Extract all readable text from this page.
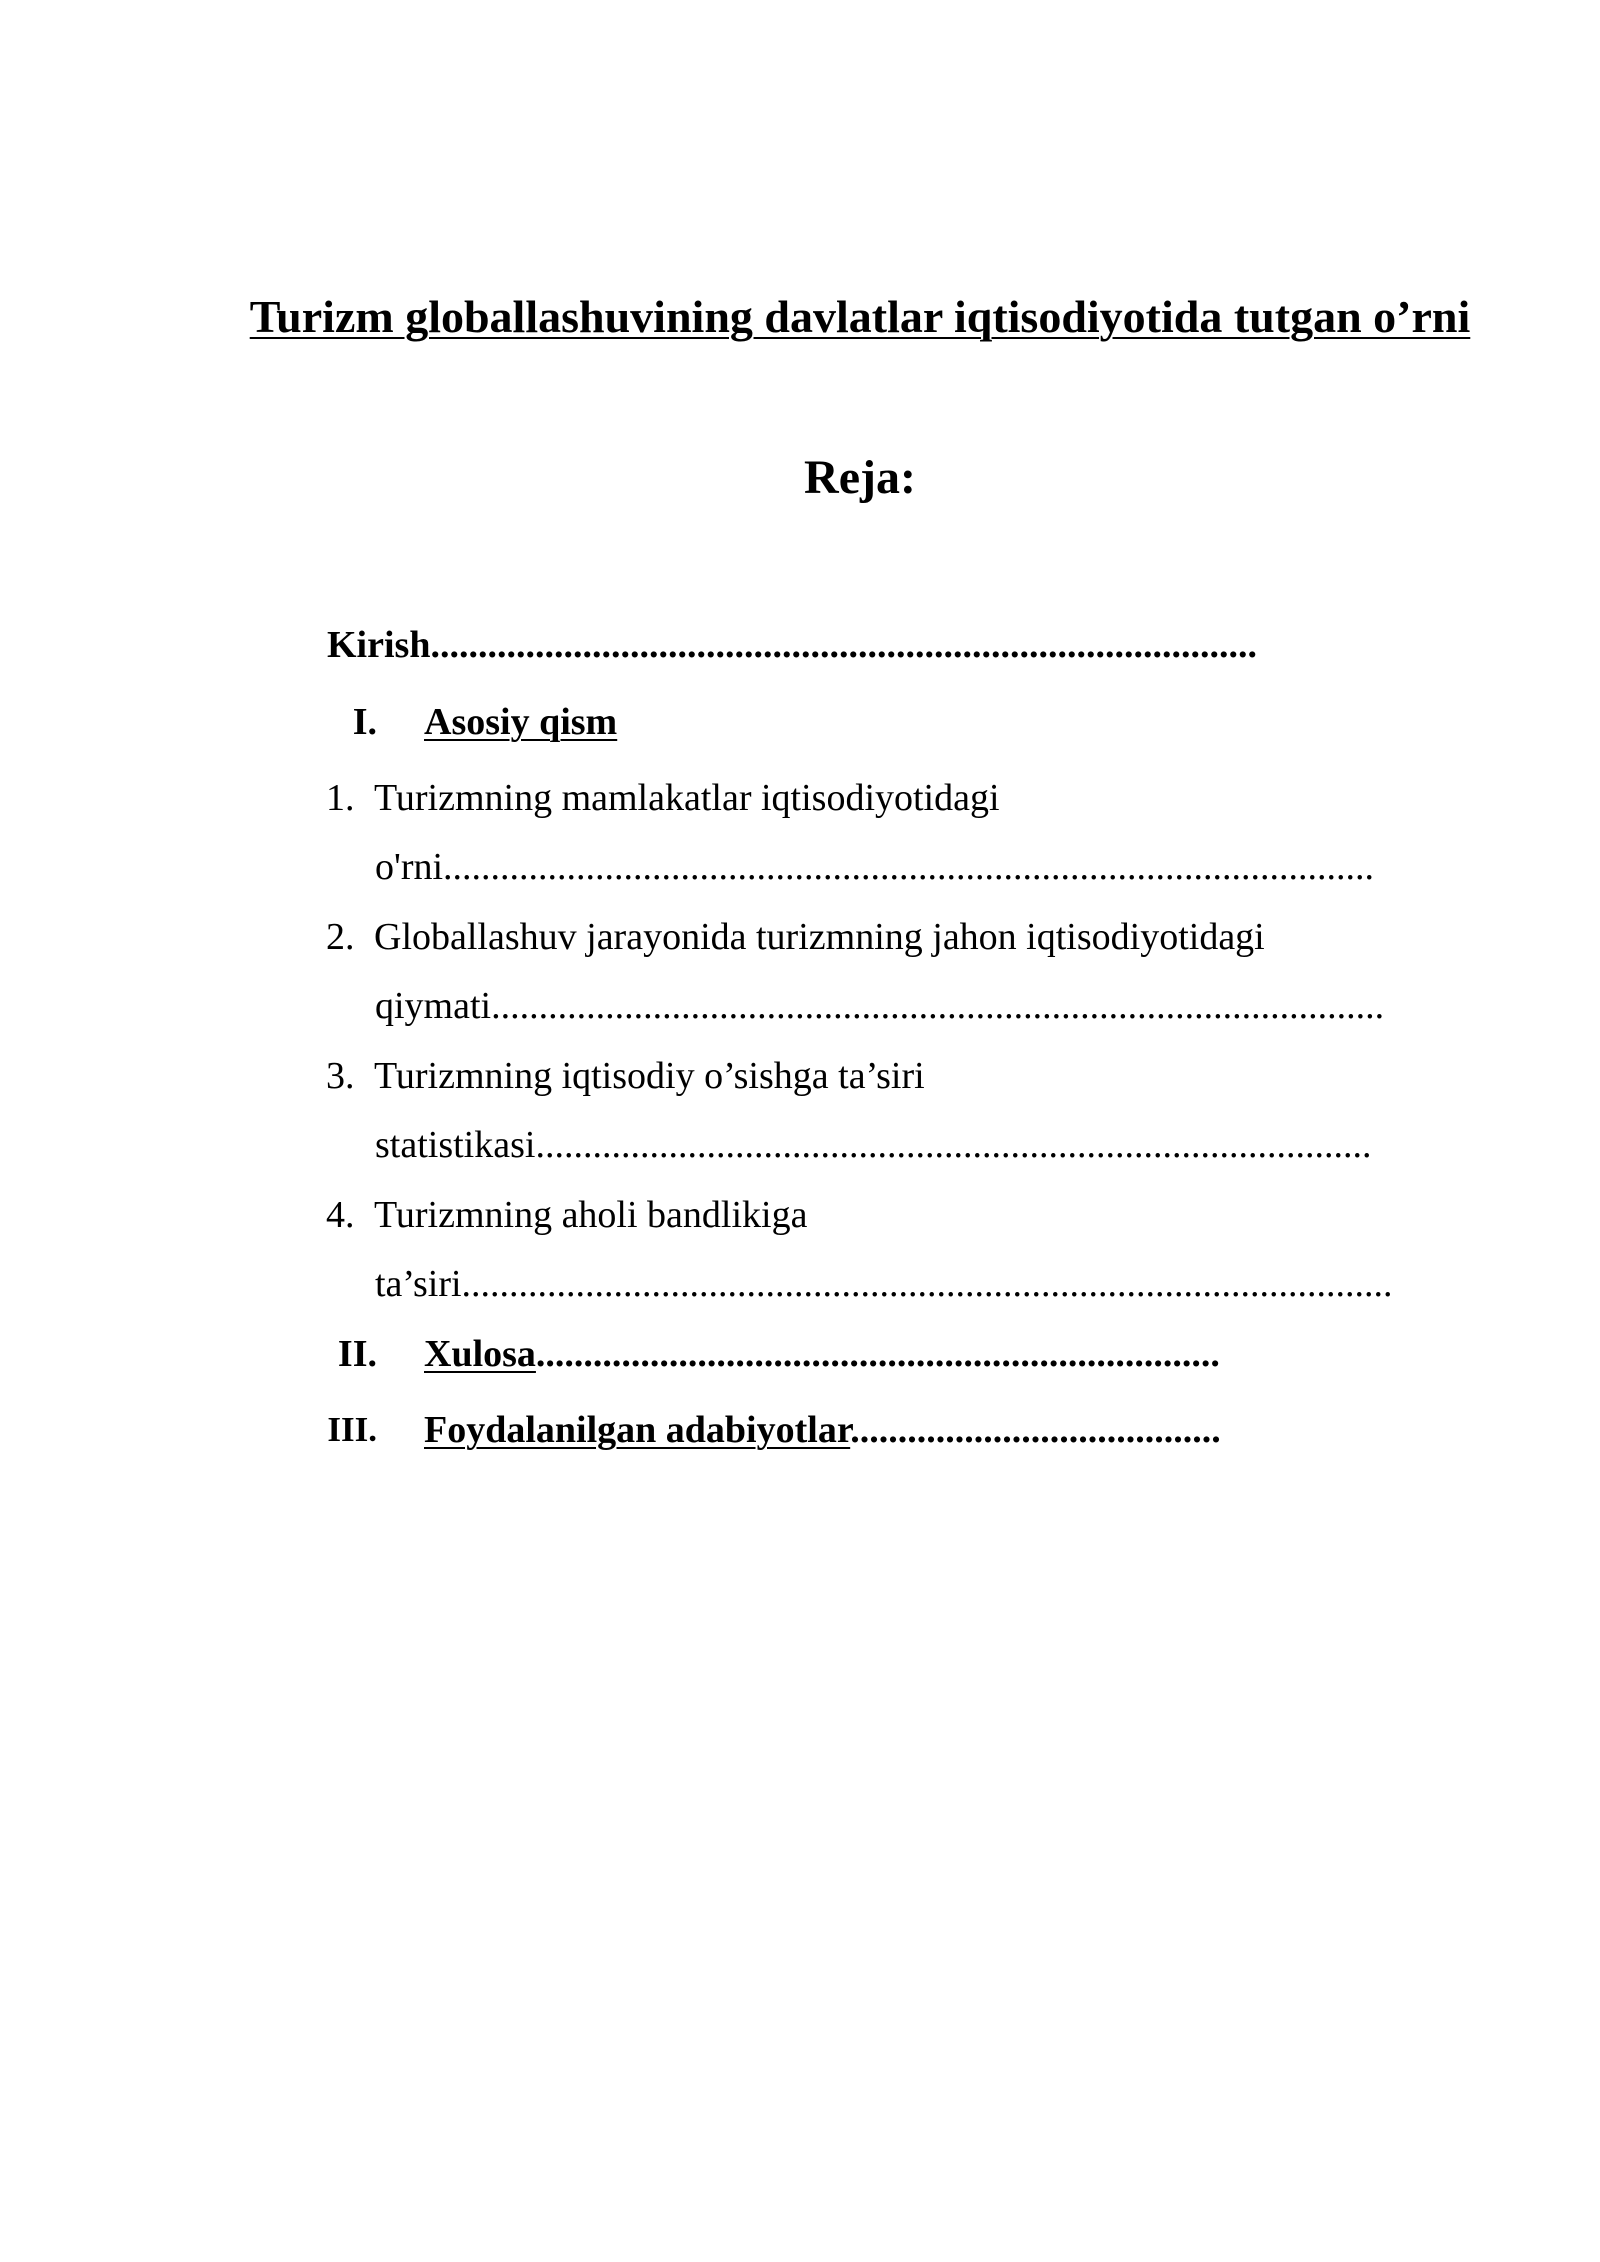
Turizm globallashuvining davlatlar iqtisodiyotida tutgan o’rni
Reja:
Kirish.......................................................................................
I. Asosiy qism
1. Turizmning mamlakatlar iqtisodiyotidagi
o'rni..................................................................................................
2. Globallashuv jarayonida turizmning jahon iqtisodiyotidagi
qiymati..............................................................................................
3. Turizmning iqtisodiy o’sishga ta’siri
statistikasi........................................................................................
4. Turizmning aholi bandlikiga
ta’siri..................................................................................................
II. Xulosa........................................................................
III. Foydalanilgan adabiyotlar.......................................
